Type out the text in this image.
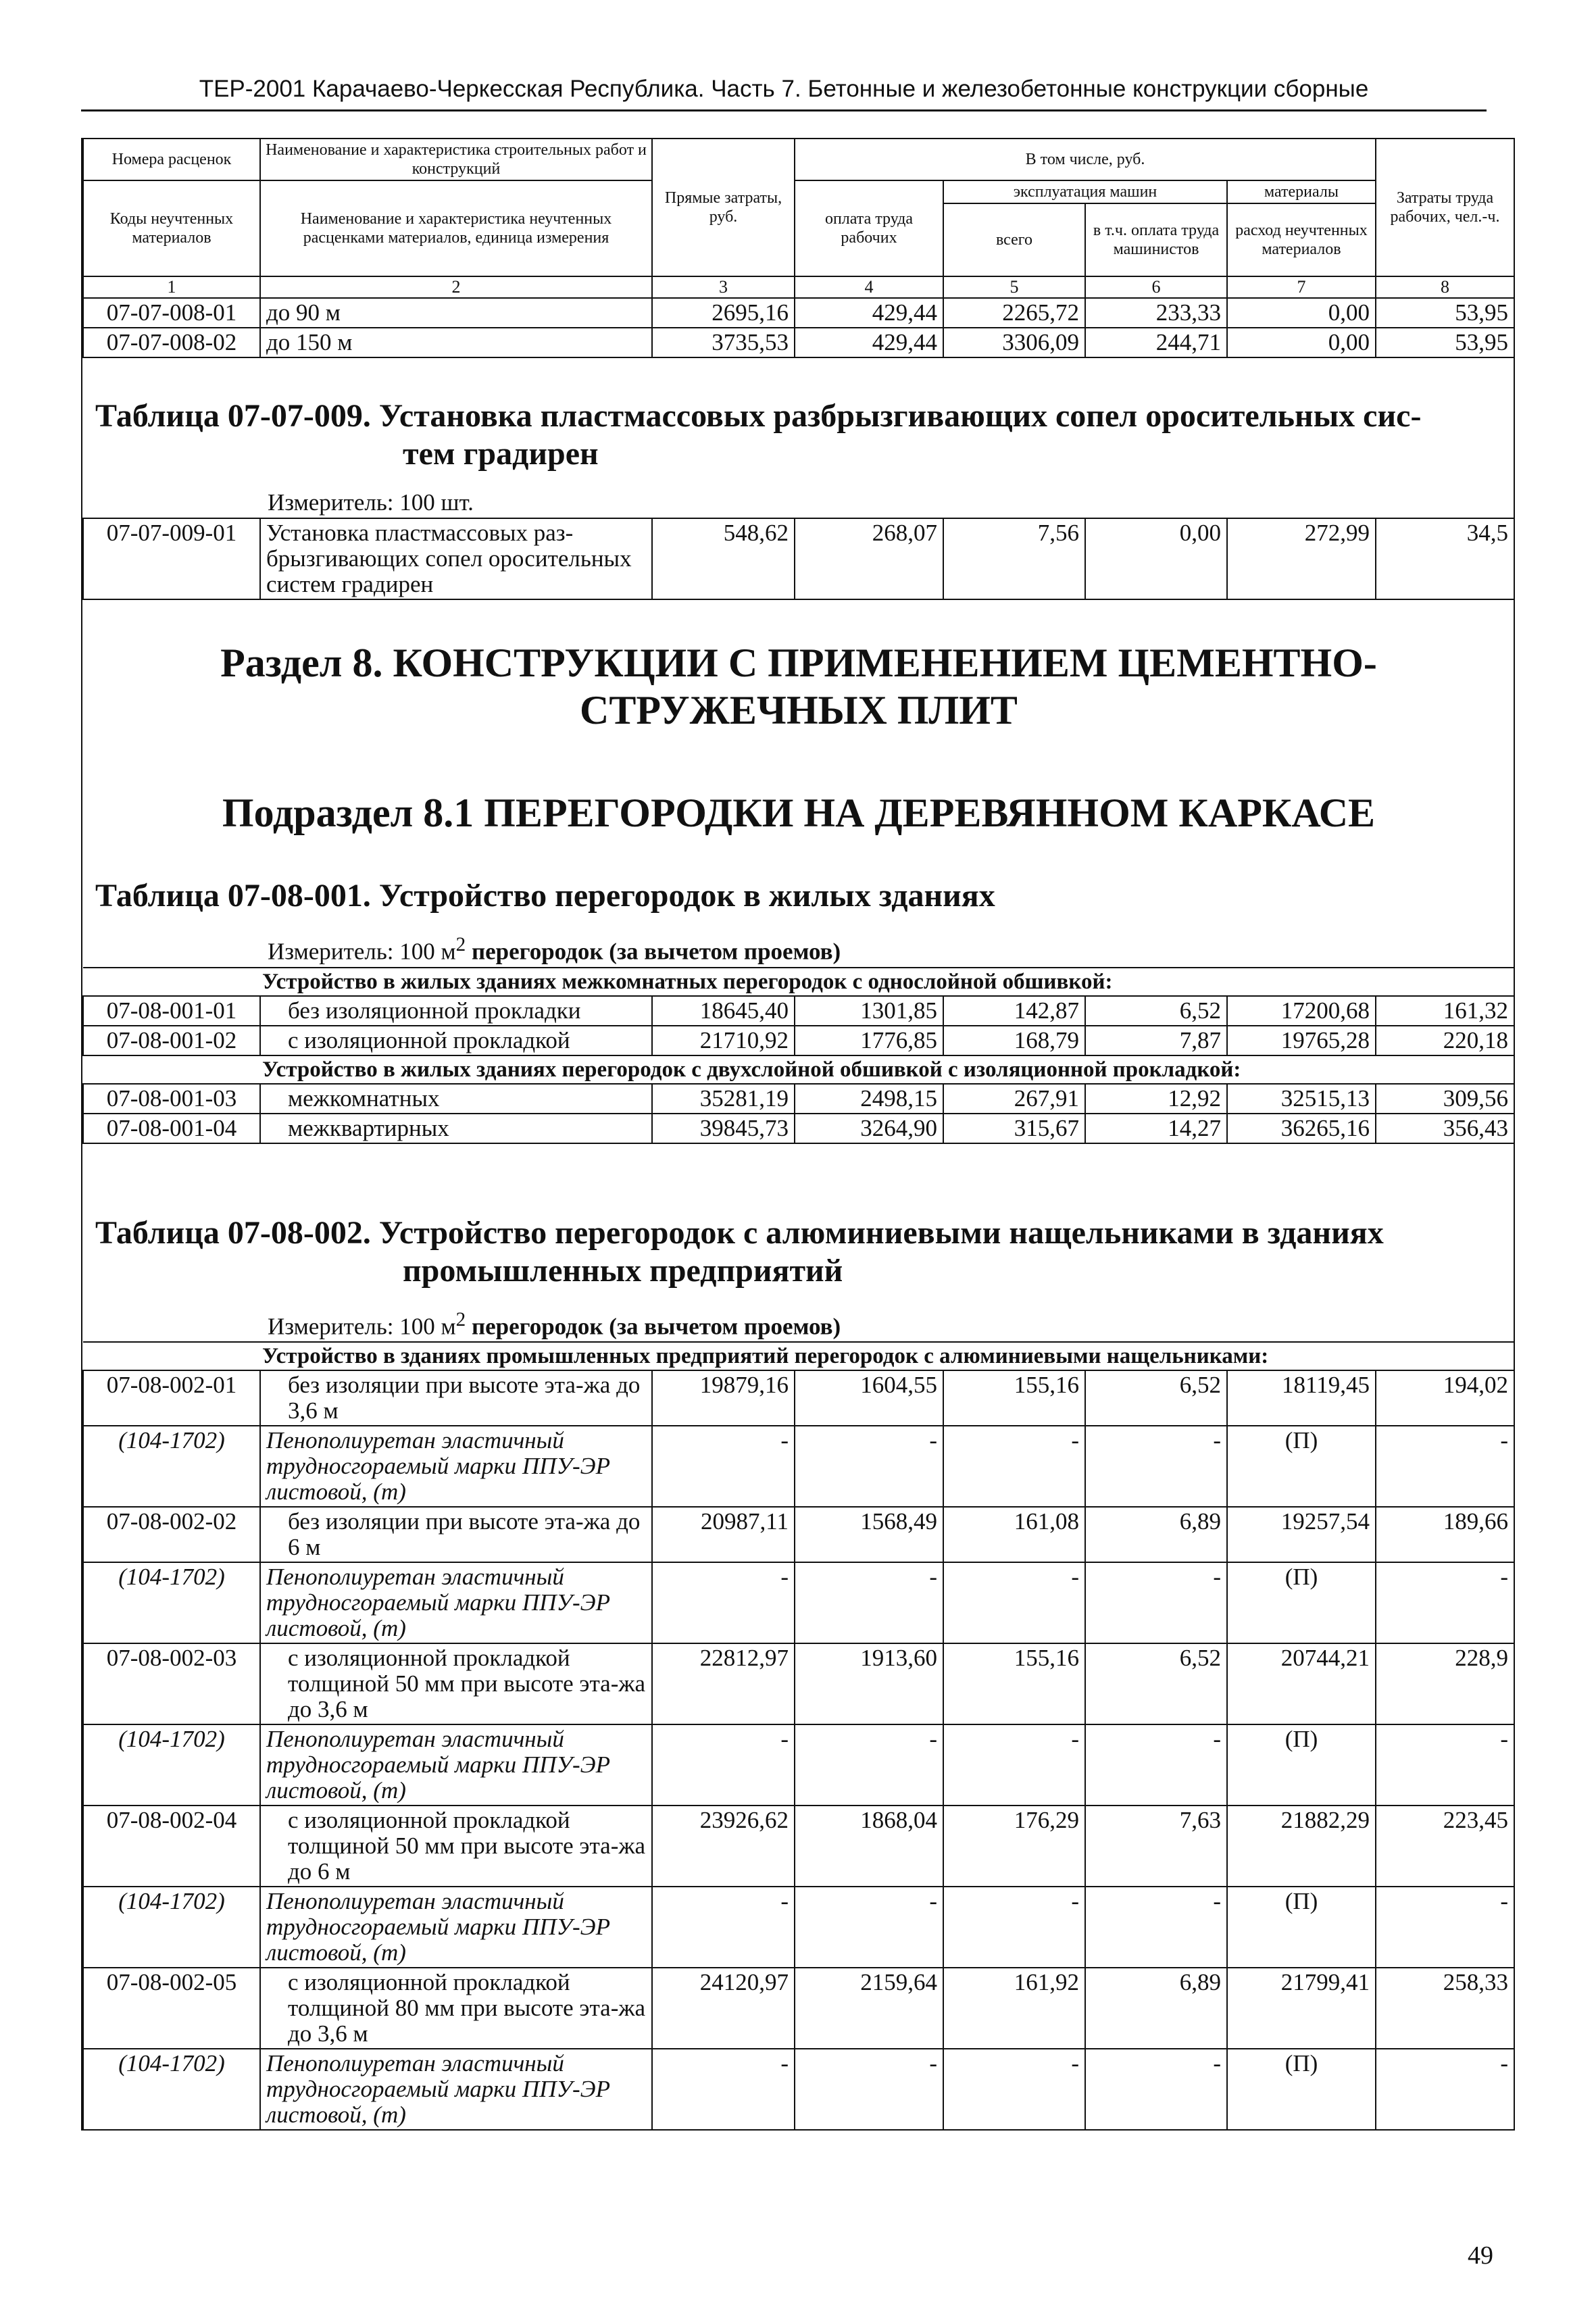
ТЕР-2001 Карачаево-Черкесская Республика. Часть 7. Бетонные и железобетонные конструкции сборные
Номера расценок	Наименование и характеристика строительных работ и конструкций	Прямые затраты, руб.	В том числе, руб.				Затраты труда рабочих, чел.-ч.
Коды неучтенных материалов	Наименование и характеристика неучтенных расценками материалов, единица измерения		оплата труда рабочих	эксплуатация машин		материалы	
				всего	в т.ч. оплата труда машинистов	расход неучтенных материалов	

1	2	3	4	5	6	7	8
07-07-008-01	до 90 м	2695,16	429,44	2265,72	233,33	0,00	53,95
07-07-008-02	до 150 м	3735,53	429,44	3306,09	244,71	0,00	53,95

Таблица 07-07-009. Установка пластмассовых разбрызгивающих сопел оросительных сис-
тем градирен							

Измеритель: 100 шт.							

07-07-009-01	Установка пластмассовых раз-брызгивающих сопел оросительных систем градирен	548,62	268,07	7,56	0,00	272,99	34,5

Раздел 8. КОНСТРУКЦИИ С ПРИМЕНЕНИЕМ ЦЕМЕНТНО-СТРУЖЕЧНЫХ ПЛИТ							

Подраздел 8.1 ПЕРЕГОРОДКИ НА ДЕРЕВЯННОМ КАРКАСЕ							

Таблица 07-08-001. Устройство перегородок в жилых зданиях							

Измеритель: 100 $м^2$ перегородок (за вычетом проемов)							

Устройство в жилых зданиях межкомнатных перегородок с однослойной обшивкой:							
07-08-001-01	без изоляционной прокладки	18645,40	1301,85	142,87	6,52	17200,68	161,32
07-08-001-02	с изоляционной прокладкой	21710,92	1776,85	168,79	7,87	19765,28	220,18
Устройство в жилых зданиях перегородок с двухслойной обшивкой с изоляционной прокладкой:							
07-08-001-03	межкомнатных	35281,19	2498,15	267,91	12,92	32515,13	309,56
07-08-001-04	межквартирных	39845,73	3264,90	315,67	14,27	36265,16	356,43

Таблица 07-08-002. Устройство перегородок с алюминиевыми нащельниками в зданиях
промышленных предприятий							

Измеритель: 100 $м^2$ перегородок (за вычетом проемов)							

Устройство в зданиях промышленных предприятий перегородок с алюминиевыми нащельниками:							
07-08-002-01	без изоляции при высоте эта-жа до 3,6 м	19879,16	1604,55	155,16	6,52	18119,45	194,02
(104-1702)	Пенополиуретан эластичный трудносгораемый марки ППУ-ЭР листовой, (т)	-	-	-	-	(П)	-
07-08-002-02	без изоляции при высоте эта-жа до 6 м	20987,11	1568,49	161,08	6,89	19257,54	189,66
(104-1702)	Пенополиуретан эластичный трудносгораемый марки ППУ-ЭР листовой, (т)	-	-	-	-	(П)	-
07-08-002-03	с изоляционной прокладкой толщиной 50 мм при высоте эта-жа до 3,6 м	22812,97	1913,60	155,16	6,52	20744,21	228,9
(104-1702)	Пенополиуретан эластичный трудносгораемый марки ППУ-ЭР листовой, (т)	-	-	-	-	(П)	-
07-08-002-04	с изоляционной прокладкой толщиной 50 мм при высоте эта-жа до 6 м	23926,62	1868,04	176,29	7,63	21882,29	223,45
(104-1702)	Пенополиуретан эластичный трудносгораемый марки ППУ-ЭР листовой, (т)	-	-	-	-	(П)	-
07-08-002-05	с изоляционной прокладкой толщиной 80 мм при высоте эта-жа до 3,6 м	24120,97	2159,64	161,92	6,89	21799,41	258,33
(104-1702)	Пенополиуретан эластичный трудносгораемый марки ППУ-ЭР листовой, (т)	-	-	-	-	(П)	-
49
